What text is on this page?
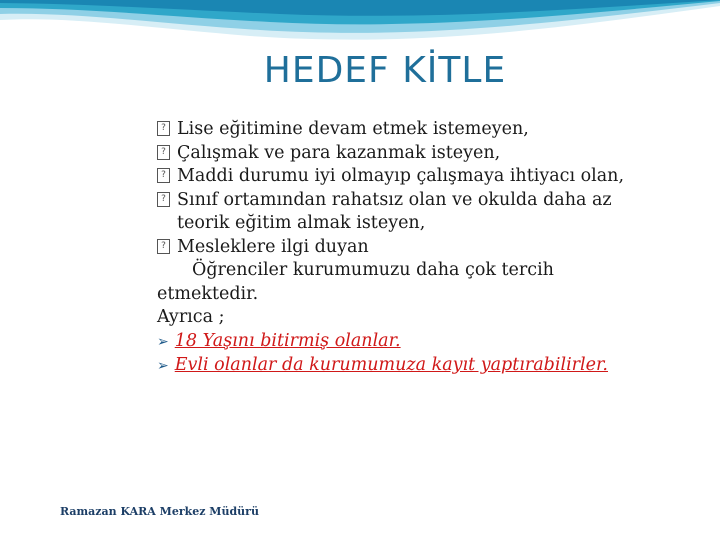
HEDEF KİTLE
? Lise eğitimine devam etmek istemeyen,
? Çalışmak ve para kazanmak isteyen,
? Maddi durumu iyi olmayıp çalışmaya ihtiyacı olan,
? Sınıf ortamından rahatsız olan ve okulda daha az
teorik eğitim almak isteyen,
? Mesleklere ilgi duyan
Öğrenciler kurumumuzu daha çok tercih
etmektedir.
Ayrıca ;
➢ 18 Yaşını bitirmiş olanlar.
➢ Evli olanlar da kurumumuza kayıt yaptırabilirler.
Ramazan KARA Merkez Müdürü
